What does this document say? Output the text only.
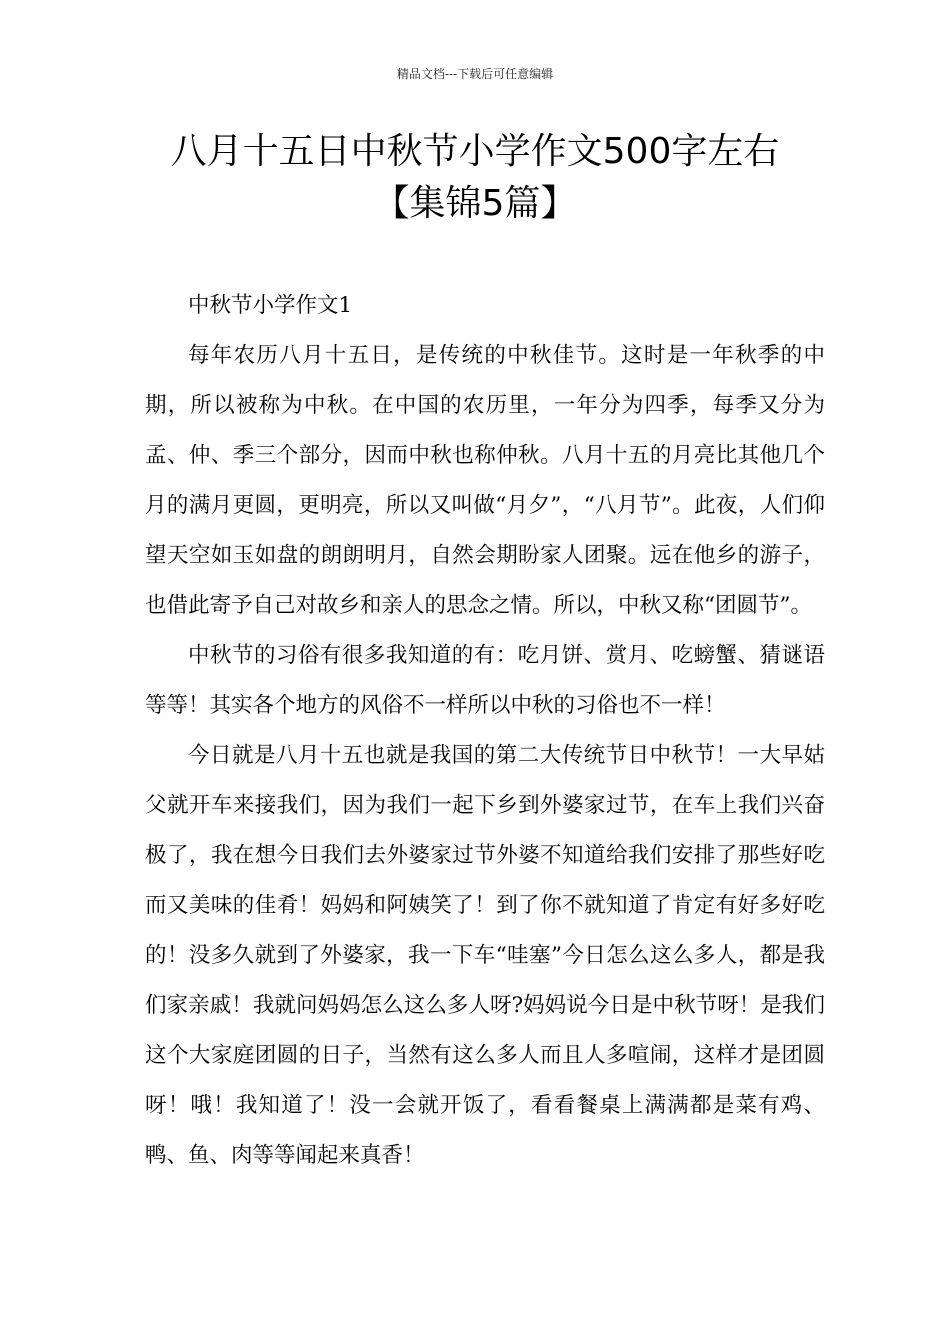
精品文档---下载后可任意编辑
八月十五日中秋节小学作文500字左右
【集锦5篇】

中秋节小学作文1

每年农历八月十五日，是传统的中秋佳节。这时是一年秋季的中期，所以被称为中秋。在中国的农历里，一年分为四季，每季又分为孟、仲、季三个部分，因而中秋也称仲秋。八月十五的月亮比其他几个月的满月更圆，更明亮，所以又叫做“月夕”，“八月节”。此夜，人们仰望天空如玉如盘的朗朗明月，自然会期盼家人团聚。远在他乡的游子，也借此寄予自己对故乡和亲人的思念之情。所以，中秋又称“团圆节”。

中秋节的习俗有很多我知道的有：吃月饼、赏月、吃螃蟹、猜谜语等等！其实各个地方的风俗不一样所以中秋的习俗也不一样！

今日就是八月十五也就是我国的第二大传统节日中秋节！一大早姑父就开车来接我们，因为我们一起下乡到外婆家过节，在车上我们兴奋极了，我在想今日我们去外婆家过节外婆不知道给我们安排了那些好吃而又美味的佳肴！妈妈和阿姨笑了！到了你不就知道了肯定有好多好吃的！没多久就到了外婆家，我一下车“哇塞”今日怎么这么多人，都是我们家亲戚！我就问妈妈怎么这么多人呀?妈妈说今日是中秋节呀！是我们这个大家庭团圆的日子，当然有这么多人而且人多喧闹，这样才是团圆呀！哦！我知道了！没一会就开饭了，看看餐桌上满满都是菜有鸡、鸭、鱼、肉等等闻起来真香！
